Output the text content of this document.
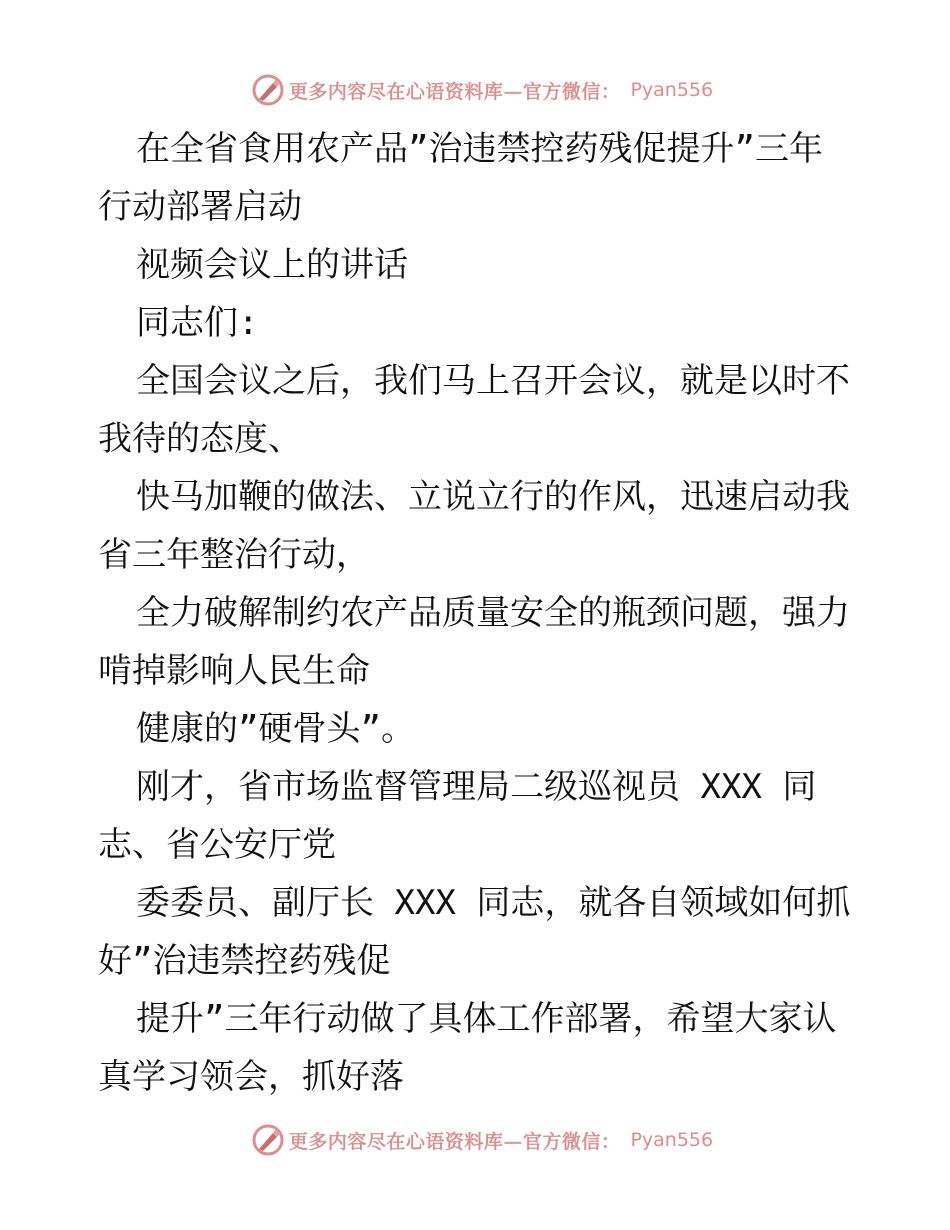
更多内容尽在心语资料库—官方微信： Pyan556
在全省食用农产品”治违禁控药残促提升”三年
行动部署启动
视频会议上的讲话
同志们:
全国会议之后，我们马上召开会议，就是以时不
我待的态度、
快马加鞭的做法、立说立行的作风，迅速启动我
省三年整治行动，
全力破解制约农产品质量安全的瓶颈问题，强力
啃掉影响人民生命
健康的”硬骨头”。
刚才，省市场监督管理局二级巡视员 XXX 同
志、省公安厅党
委委员、副厅长 XXX 同志，就各自领域如何抓
好”治违禁控药残促
提升”三年行动做了具体工作部署，希望大家认
真学习领会，抓好落
更多内容尽在心语资料库—官方微信： Pyan556
